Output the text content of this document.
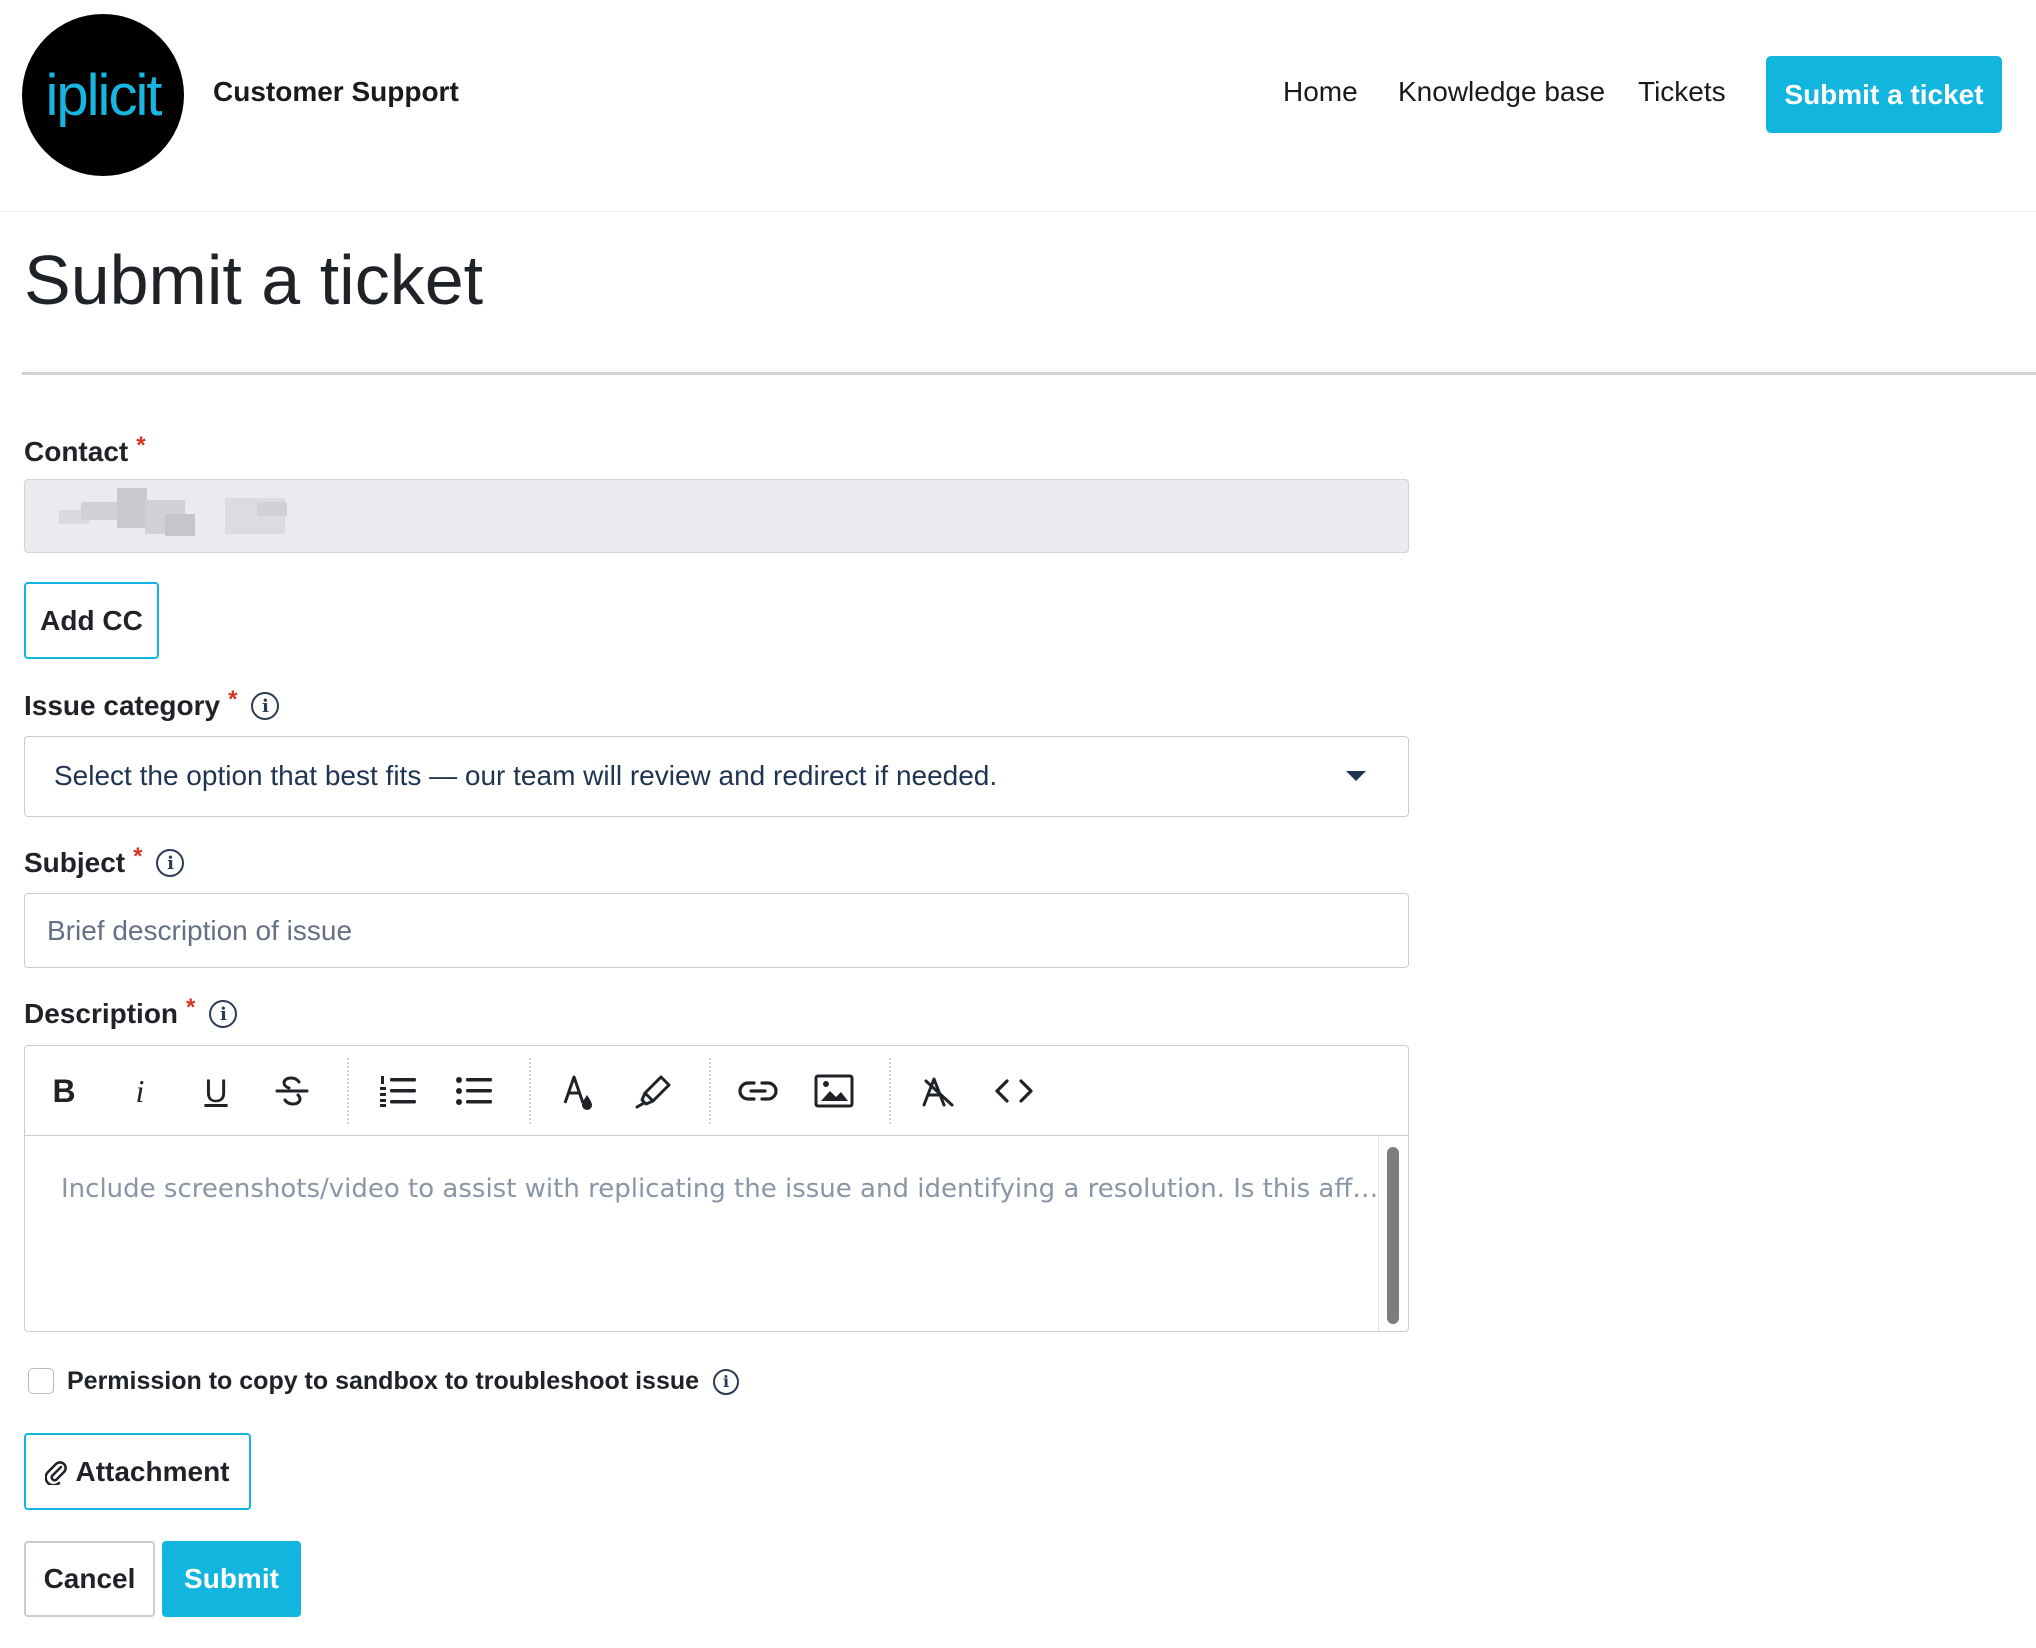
iplicit Customer Support	Home Knowledge base Tickets	Submit a ticket
Submit a ticket
Contact *
Add CC
Issue category *	i
Select the option that best fits — our team will review and redirect if needed.
Subject *	i
Brief description of issue
Description *	i
B i U
Include screenshots/video to assist with replicating the issue and identifying a resolution. Is this aff…
Permission to copy to sandbox to troubleshoot issue	i
Attachment
Cancel	Submit
